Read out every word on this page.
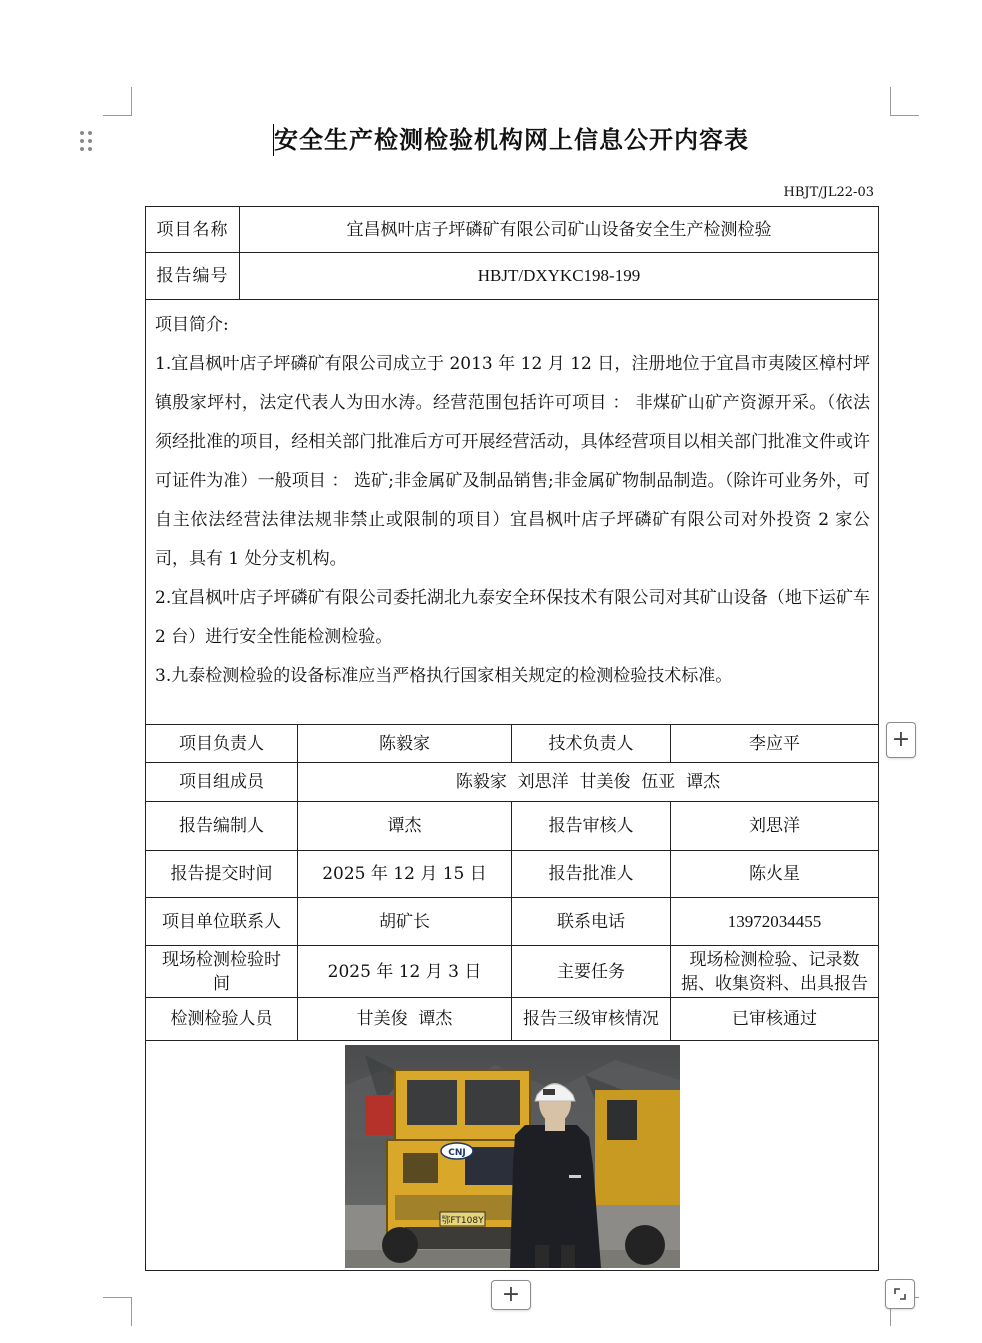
安全生产检测检验机构网上信息公开内容表
HBJT/JL22-03
项目名称	宜昌枫叶店子坪磷矿有限公司矿山设备安全生产检测检验			
报告编号	HBJT/DXYKC198-199			

项目简介:

1.宜昌枫叶店子坪磷矿有限公司成立于 2013 年 12 月 12 日，注册地位于宜昌市夷陵区樟村坪镇殷家坪村，法定代表人为田水涛。经营范围包括许可项目 ： 非煤矿山矿产资源开采。（依法须经批准的项目，经相关部门批准后方可开展经营活动，具体经营项目以相关部门批准文件或许可证件为准）一般项目 ： 选矿;非金属矿及制品销售;非金属矿物制品制造。（除许可业务外，可自主依法经营法律法规非禁止或限制的项目）宜昌枫叶店子坪磷矿有限公司对外投资 2 家公司，具有 1 处分支机构。

2.宜昌枫叶店子坪磷矿有限公司委托湖北九泰安全环保技术有限公司对其矿山设备（地下运矿车 2 台）进行安全性能检测检验。

3.九泰检测检验的设备标准应当严格执行国家相关规定的检测检验技术标准。				

项目负责人		陈毅家	技术负责人	李应平
项目组成员		陈毅家  刘思洋  甘美俊  伍亚  谭杰		
报告编制人		谭杰	报告审核人	刘思洋
报告提交时间		2025 年 12 月 15 日	报告批准人	陈火星
项目单位联系人		胡矿长	联系电话	13972034455
现场检测检验时间		2025 年 12 月 3 日	主要任务	现场检测检验、记录数据、收集资料、出具报告
检测检验人员		甘美俊  谭杰	报告三级审核情况	已审核通过

CNJ
鄂FT108Y				
+
+
